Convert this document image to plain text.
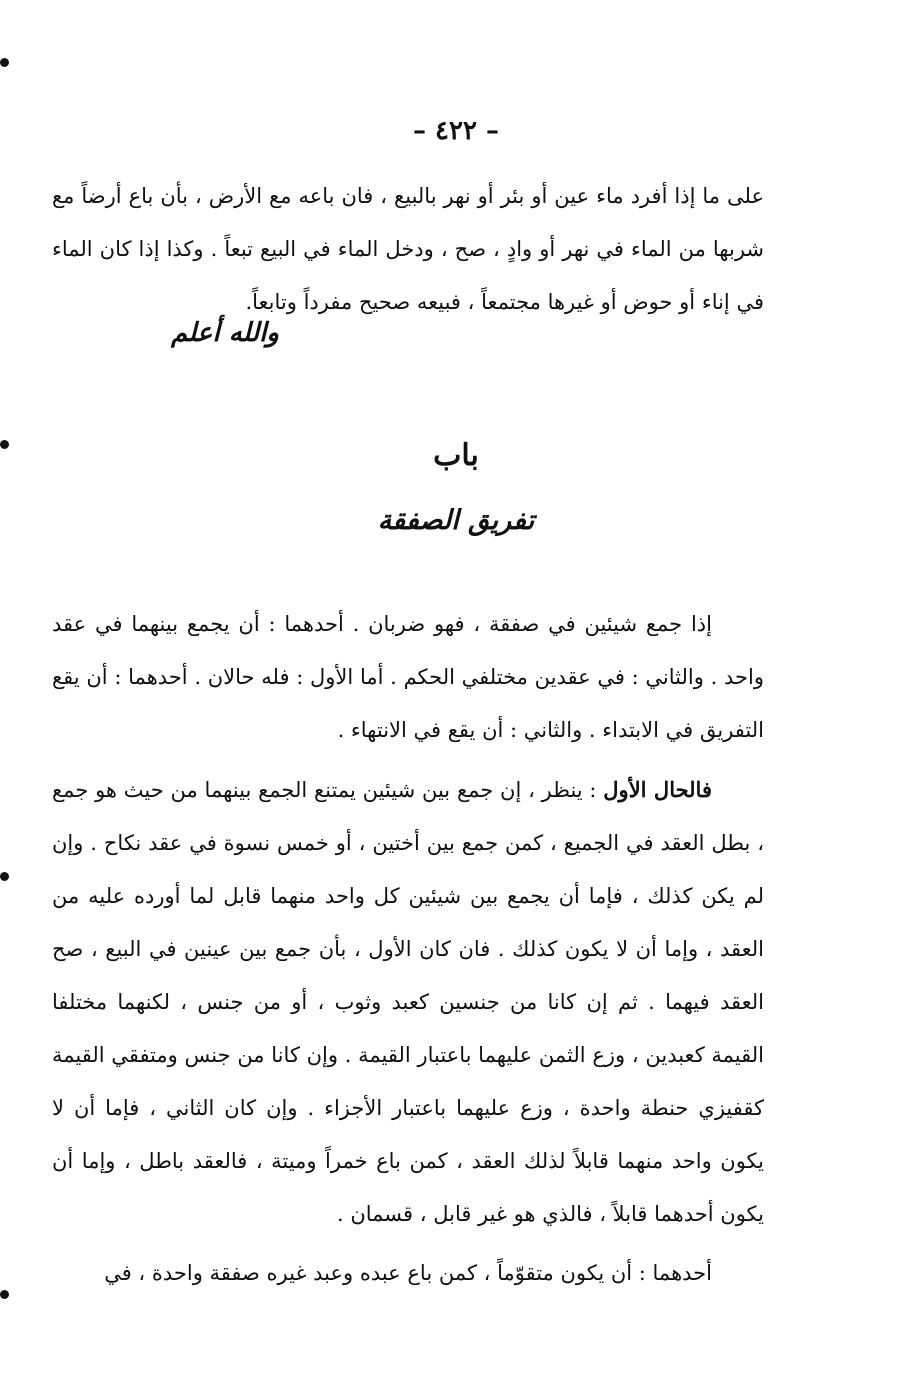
– ٤٢٢ –

على ما إذا أفرد ماء عين أو بئر أو نهر بالبيع ، فان باعه مع الأرض ، بأن باع أرضاً مع شربها من الماء في نهر أو وادٍ ، صح ، ودخل الماء في البيع تبعاً . وكذا إذا كان الماء في إناء أو حوض أو غيرها مجتمعاً ، فبيعه صحيح مفرداً وتابعاً.

والله أعلم
باب
تفريق الصفقة

إذا جمع شيئين في صفقة ، فهو ضربان . أحدهما : أن يجمع بينهما في عقد واحد . والثاني : في عقدين مختلفي الحكم . أما الأول : فله حالان . أحدهما : أن يقع التفريق في الابتداء . والثاني : أن يقع في الانتهاء .

فالحال الأول : ينظر ، إن جمع بين شيئين يمتنع الجمع بينهما من حيث هو جمع ، بطل العقد في الجميع ، كمن جمع بين أختين ، أو خمس نسوة في عقد نكاح . وإن لم يكن كذلك ، فإما أن يجمع بين شيئين كل واحد منهما قابل لما أورده عليه من العقد ، وإما أن لا يكون كذلك . فان كان الأول ، بأن جمع بين عينين في البيع ، صح العقد فيهما . ثم إن كانا من جنسين كعبد وثوب ، أو من جنس ، لكنهما مختلفا القيمة كعبدين ، وزع الثمن عليهما باعتبار القيمة . وإن كانا من جنس ومتفقي القيمة كقفيزي حنطة واحدة ، وزع عليهما باعتبار الأجزاء . وإن كان الثاني ، فإما أن لا يكون واحد منهما قابلاً لذلك العقد ، كمن باع خمراً وميتة ، فالعقد باطل ، وإما أن يكون أحدهما قابلاً ، فالذي هو غير قابل ، قسمان .

أحدهما : أن يكون متقوّماً ، كمن باع عبده وعبد غيره صفقة واحدة ، في
